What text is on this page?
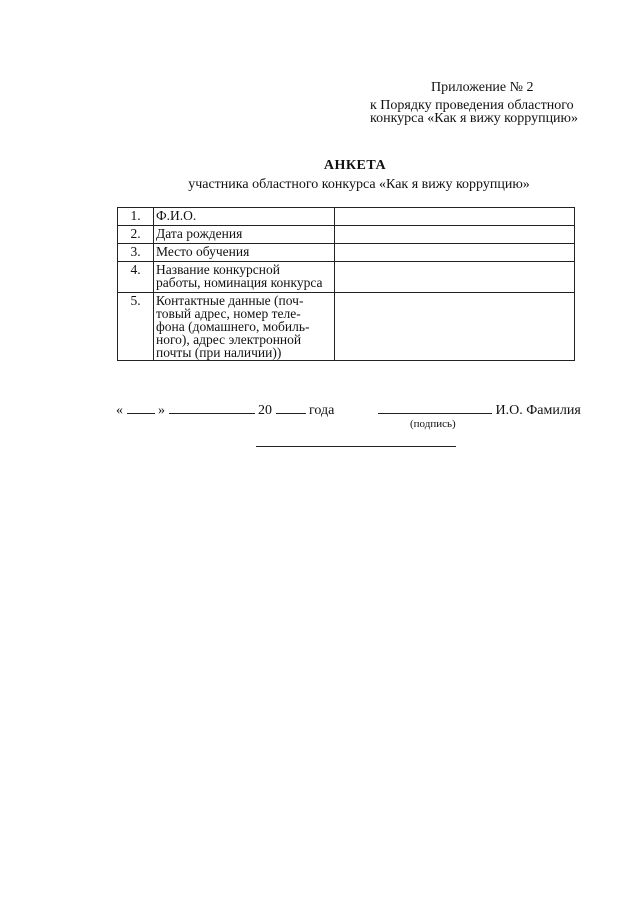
Приложение № 2
к Порядку проведения областного
конкурса «Как я вижу коррупцию»
АНКЕТА
участника областного конкурса «Как я вижу коррупцию»
1.	Ф.И.О.	
2.	Дата рождения	
3.	Место обучения	
4.	Название конкурсной
работы, номинация конкурса	

5.	Контактные данные (поч-
товый адрес, номер теле-
фона (домашнего, мобиль-
ного), адрес электронной
почты (при наличии))	

«	»	20	года	И.О. Фамилия
(подпись)
